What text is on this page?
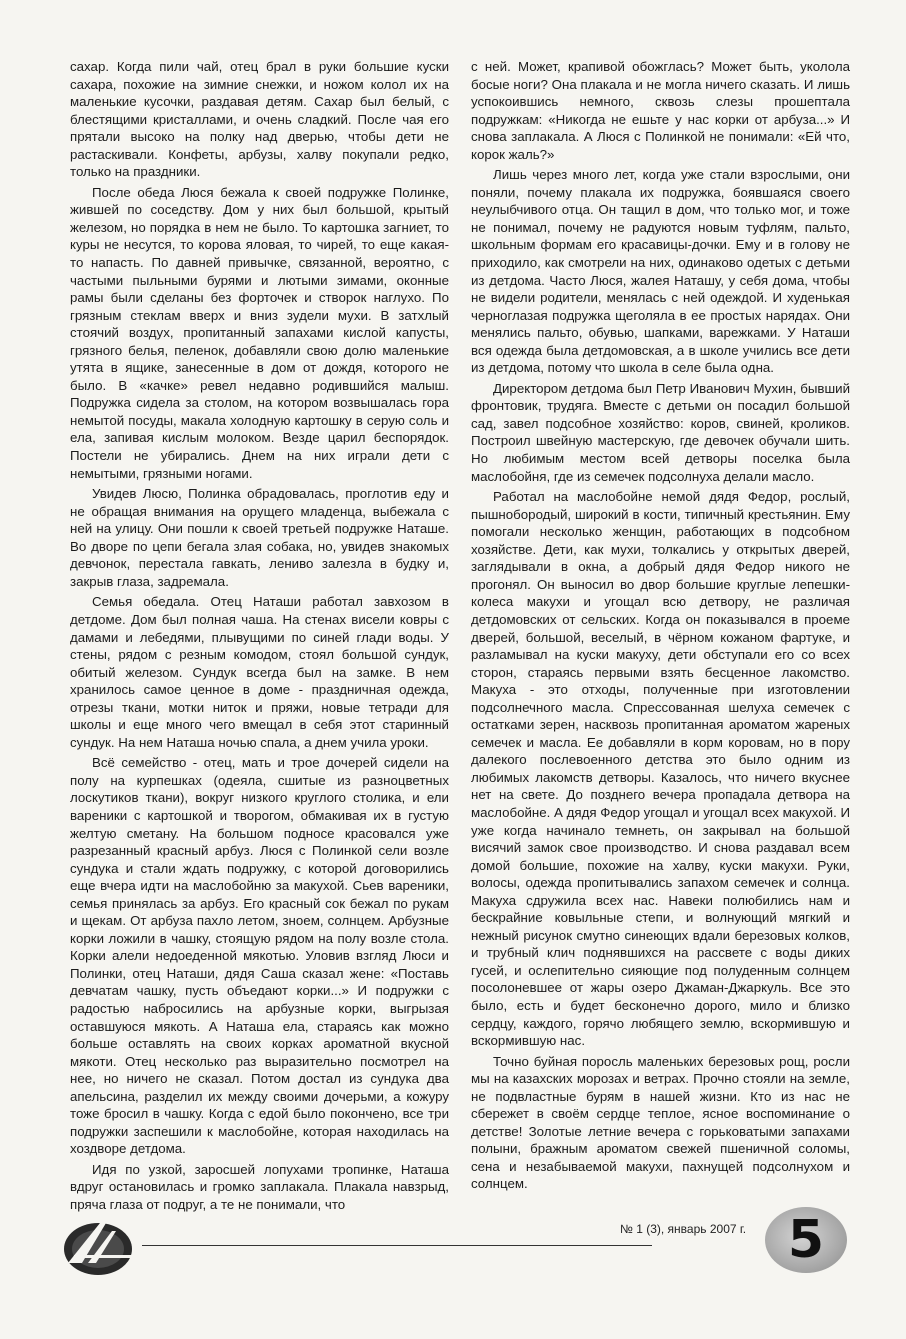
сахар. Когда пили чай, отец брал в руки большие куски сахара, похожие на зимние снежки, и ножом колол их на маленькие кусочки, раздавая детям. Сахар был белый, с блестящими кристаллами, и очень сладкий. После чая его прятали высоко на полку над дверью, чтобы дети не растаскивали. Конфеты, арбузы, халву покупали редко, только на праздники.

После обеда Люся бежала к своей подружке Полинке, жившей по соседству. Дом у них был большой, крытый железом, но порядка в нем не было. То картошка загниет, то куры не несутся, то корова яловая, то чирей, то еще какая-то напасть. По давней привычке, связанной, вероятно, с частыми пыльными бурями и лютыми зимами, оконные рамы были сделаны без форточек и створок наглухо. По грязным стеклам вверх и вниз зудели мухи. В затхлый стоячий воздух, пропитанный запахами кислой капусты, грязного белья, пеленок, добавляли свою долю маленькие утята в ящике, занесенные в дом от дождя, которого не было. В «качке» ревел недавно родившийся малыш. Подружка сидела за столом, на котором возвышалась гора немытой посуды, макала холодную картошку в серую соль и ела, запивая кислым молоком. Везде царил беспорядок. Постели не убирались. Днем на них играли дети с немытыми, грязными ногами.

Увидев Люсю, Полинка обрадовалась, проглотив еду и не обращая внимания на орущего младенца, выбежала с ней на улицу. Они пошли к своей третьей подружке Наташе. Во дворе по цепи бегала злая собака, но, увидев знакомых девчонок, перестала гавкать, лениво залезла в будку и, закрыв глаза, задремала.

Семья обедала. Отец Наташи работал завхозом в детдоме. Дом был полная чаша. На стенах висели ковры с дамами и лебедями, плывущими по синей глади воды. У стены, рядом с резным комодом, стоял большой сундук, обитый железом. Сундук всегда был на замке. В нем хранилось самое ценное в доме - праздничная одежда, отрезы ткани, мотки ниток и пряжи, новые тетради для школы и еще много чего вмещал в себя этот старинный сундук. На нем Наташа ночью спала, а днем учила уроки.

Всё семейство - отец, мать и трое дочерей сидели на полу на курпешках (одеяла, сшитые из разноцветных лоскутиков ткани), вокруг низкого круглого столика, и ели вареники с картошкой и творогом, обмакивая их в густую желтую сметану. На большом подносе красовался уже разрезанный красный арбуз. Люся с Полинкой сели возле сундука и стали ждать подружку, с которой договорились еще вчера идти на маслобойню за макухой. Сьев вареники, семья принялась за арбуз. Его красный сок бежал по рукам и щекам. От арбуза пахло летом, зноем, солнцем. Арбузные корки ложили в чашку, стоящую рядом на полу возле стола. Корки алели недоеденной мякотью. Уловив взгляд Люси и Полинки, отец Наташи, дядя Саша сказал жене: «Поставь девчатам чашку, пусть объедают корки...» И подружки с радостью набросились на арбузные корки, выгрызая оставшуюся мякоть. А Наташа ела, стараясь как можно больше оставлять на своих корках ароматной вкусной мякоти. Отец несколько раз выразительно посмотрел на нее, но ничего не сказал. Потом достал из сундука два апельсина, разделил их между своими дочерьми, а кожуру тоже бросил в чашку. Когда с едой было покончено, все три подружки заспешили к маслобойне, которая находилась на хоздворе детдома.

Идя по узкой, заросшей лопухами тропинке, Наташа вдруг остановилась и громко заплакала. Плакала навзрыд, пряча глаза от подруг, а те не понимали, что

с ней. Может, крапивой обожглась? Может быть, уколола босые ноги? Она плакала и не могла ничего сказать. И лишь успокоившись немного, сквозь слезы прошептала подружкам: «Никогда не ешьте у нас корки от арбуза...» И снова заплакала. А Люся с Полинкой не понимали: «Ей что, корок жаль?»

Лишь через много лет, когда уже стали взрослыми, они поняли, почему плакала их подружка, боявшаяся своего неулыбчивого отца. Он тащил в дом, что только мог, и тоже не понимал, почему не радуются новым туфлям, пальто, школьным формам его красавицы-дочки. Ему и в голову не приходило, как смотрели на них, одинаково одетых с детьми из детдома. Часто Люся, жалея Наташу, у себя дома, чтобы не видели родители, менялась с ней одеждой. И худенькая черноглазая подружка щеголяла в ее простых нарядах. Они менялись пальто, обувью, шапками, варежками. У Наташи вся одежда была детдомовская, а в школе учились все дети из детдома, потому что школа в селе была одна.

Директором детдома был Петр Иванович Мухин, бывший фронтовик, трудяга. Вместе с детьми он посадил большой сад, завел подсобное хозяйство: коров, свиней, кроликов. Построил швейную мастерскую, где девочек обучали шить. Но любимым местом всей детворы поселка была маслобойня, где из семечек подсолнуха делали масло.

Работал на маслобойне немой дядя Федор, рослый, пышнобородый, широкий в кости, типичный крестьянин. Ему помогали несколько женщин, работающих в подсобном хозяйстве. Дети, как мухи, толкались у открытых дверей, заглядывали в окна, а добрый дядя Федор никого не прогонял. Он выносил во двор большие круглые лепешки-колеса макухи и угощал всю детвору, не различая детдомовских от сельских. Когда он показывался в проеме дверей, большой, веселый, в чёрном кожаном фартуке, и разламывал на куски макуху, дети обступали его со всех сторон, стараясь первыми взять бесценное лакомство. Макуха - это отходы, полученные при изготовлении подсолнечного масла. Спрессованная шелуха семечек с остатками зерен, насквозь пропитанная ароматом жареных семечек и масла. Ее добавляли в корм коровам, но в пору далекого послевоенного детства это было одним из любимых лакомств детворы. Казалось, что ничего вкуснее нет на свете. До позднего вечера пропадала детвора на маслобойне. А дядя Федор угощал и угощал всех макухой. И уже когда начинало темнеть, он закрывал на большой висячий замок свое производство. И снова раздавал всем домой большие, похожие на халву, куски макухи. Руки, волосы, одежда пропитывались запахом семечек и солнца. Макуха сдружила всех нас. Навеки полюбились нам и бескрайние ковыльные степи, и волнующий мягкий и нежный рисунок смутно синеющих вдали березовых колков, и трубный клич поднявшихся на рассвете с воды диких гусей, и ослепительно сияющие под полуденным солнцем посолоневшее от жары озеро Джаман-Джаркуль. Все это было, есть и будет бесконечно дорого, мило и близко сердцу, каждого, горячо любящего землю, вскормившую и вскормившую нас.

Точно буйная поросль маленьких березовых рощ, росли мы на казахских морозах и ветрах. Прочно стояли на земле, не подвластные бурям в нашей жизни. Кто из нас не сбережет в своём сердце теплое, ясное воспоминание о детстве! Золотые летние вечера с горьковатыми запахами полыни, бражным ароматом свежей пшеничной соломы, сена и незабываемой макухи, пахнущей подсолнухом и солнцем.

№ 1 (3), январь 2007 г. 5
